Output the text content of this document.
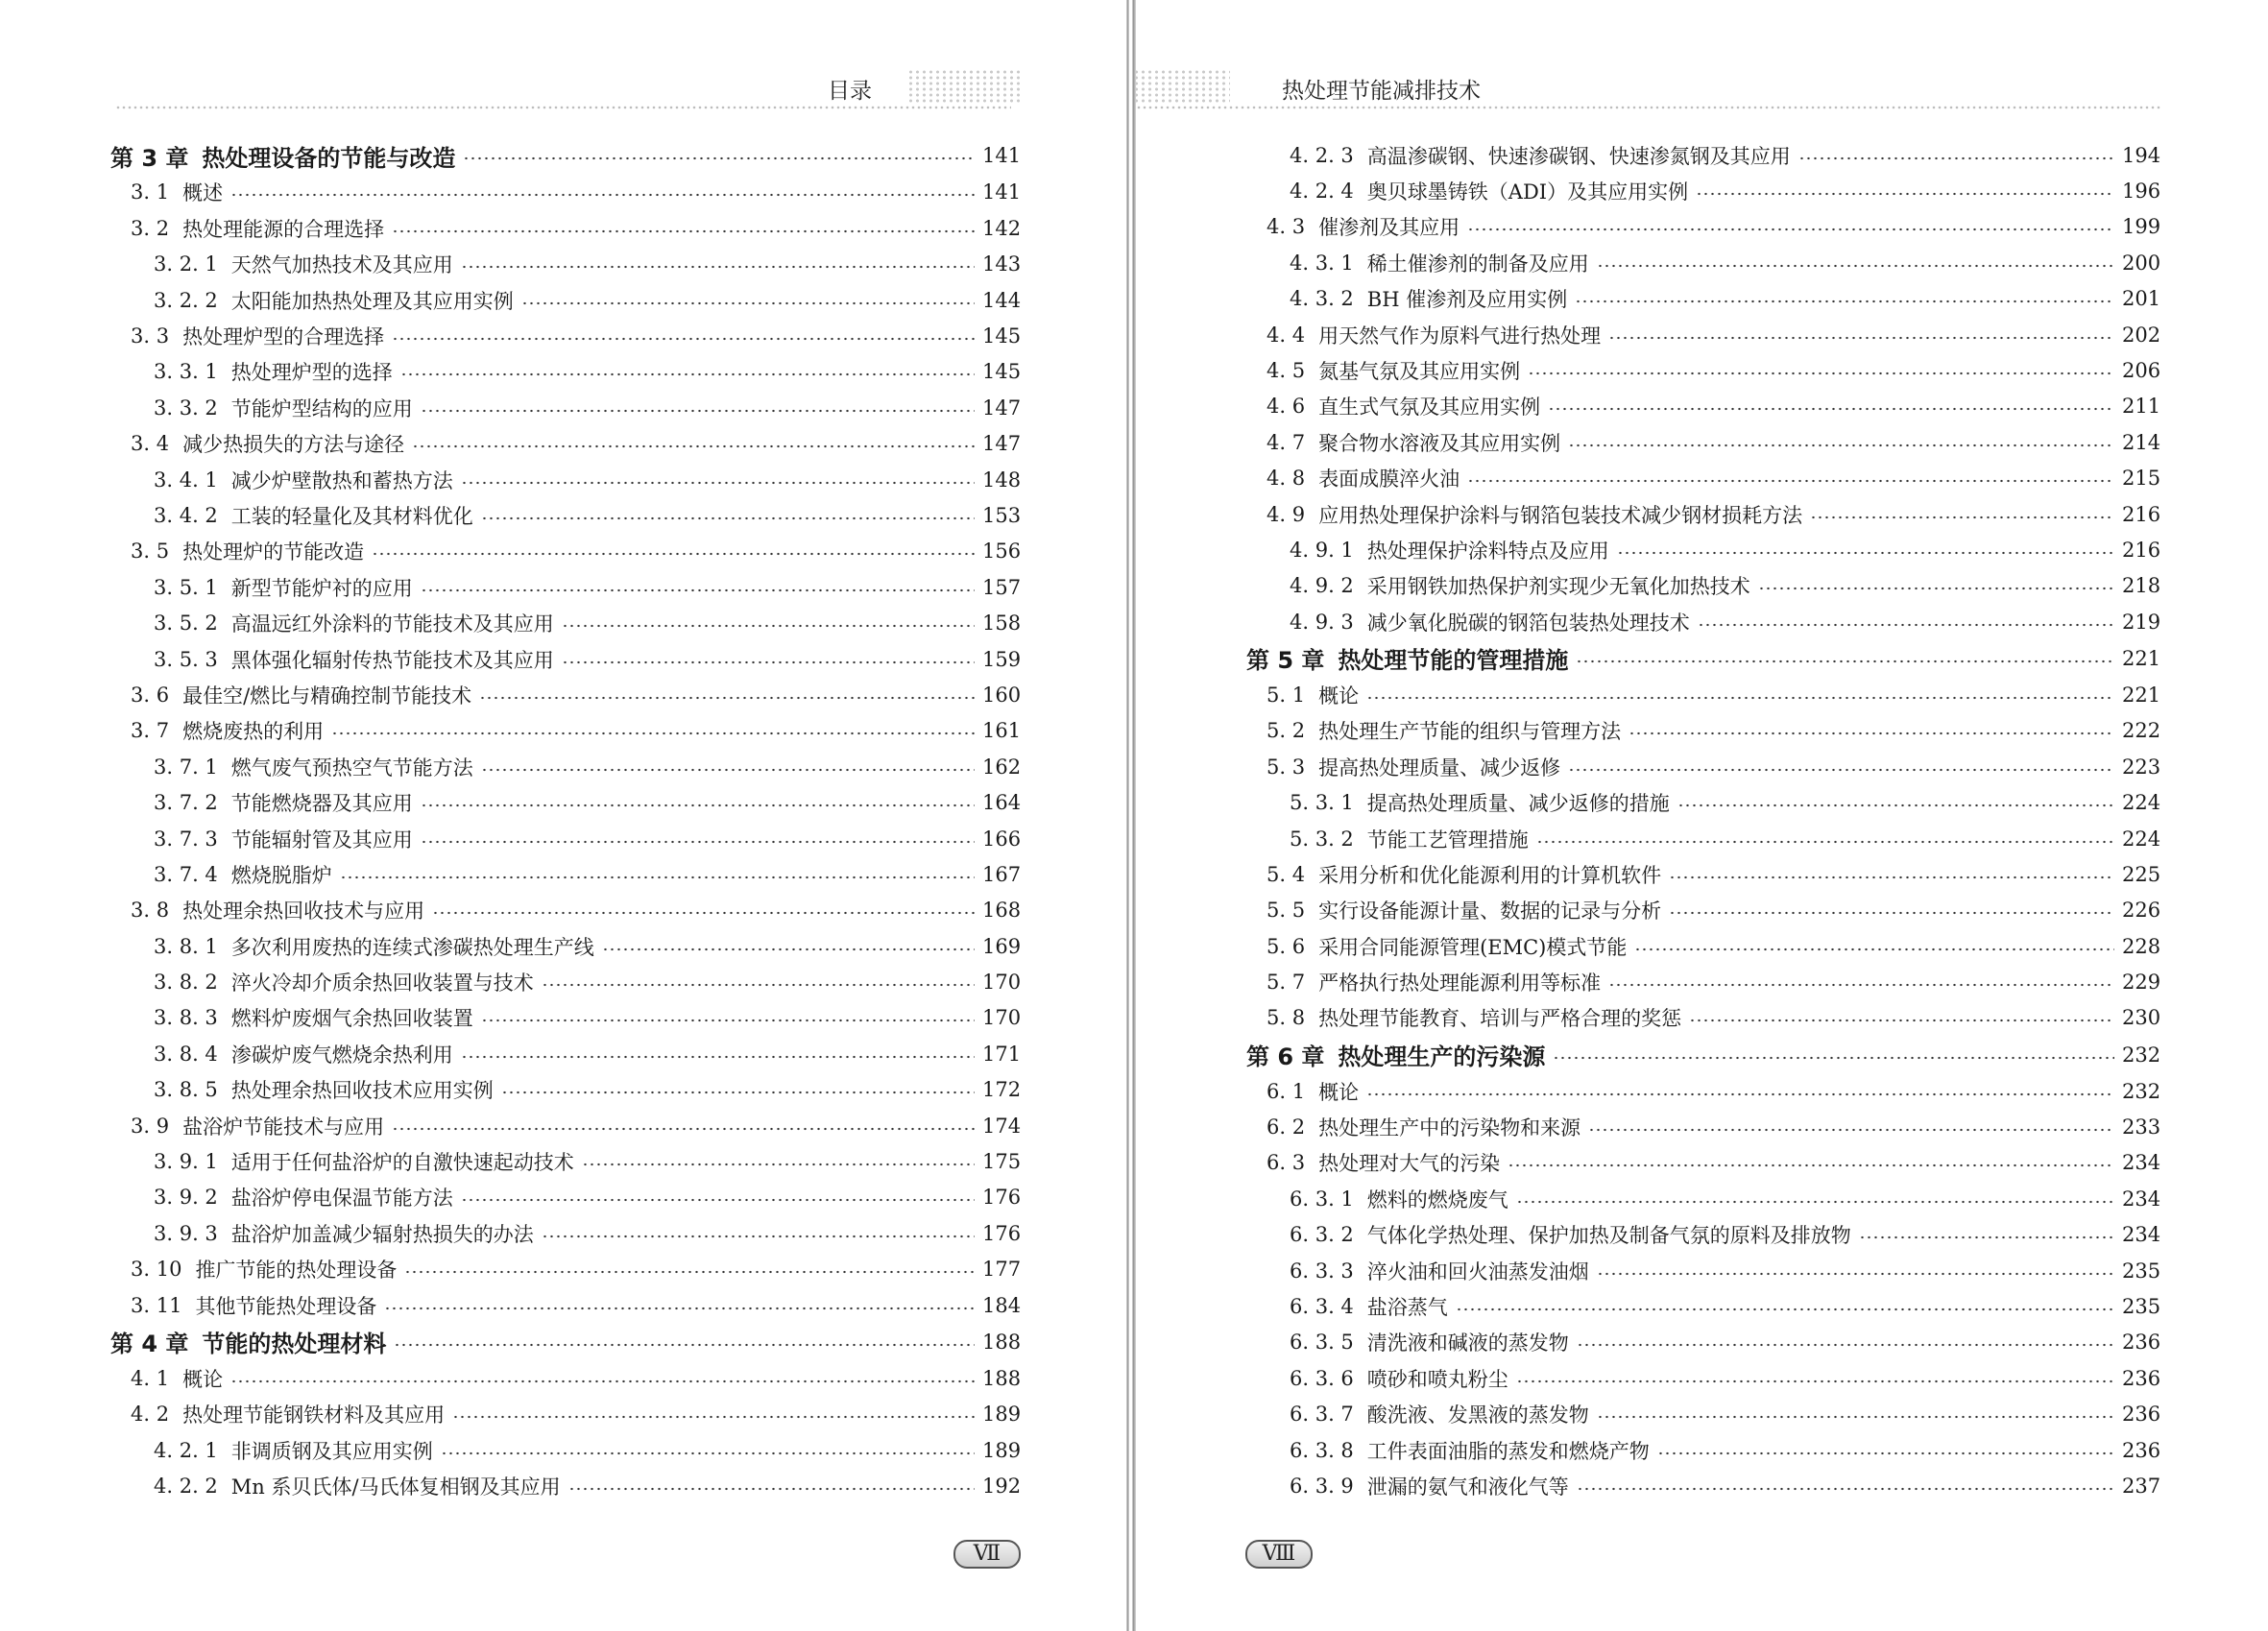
目录
第 3 章 热处理设备的节能与改造	141
3. 1 概述	141
3. 2 热处理能源的合理选择	142
3. 2. 1 天然气加热技术及其应用	143
3. 2. 2 太阳能加热热处理及其应用实例	144
3. 3 热处理炉型的合理选择	145
3. 3. 1 热处理炉型的选择	145
3. 3. 2 节能炉型结构的应用	147
3. 4 减少热损失的方法与途径	147
3. 4. 1 减少炉壁散热和蓄热方法	148
3. 4. 2 工装的轻量化及其材料优化	153
3. 5 热处理炉的节能改造	156
3. 5. 1 新型节能炉衬的应用	157
3. 5. 2 高温远红外涂料的节能技术及其应用	158
3. 5. 3 黑体强化辐射传热节能技术及其应用	159
3. 6 最佳空/燃比与精确控制节能技术	160
3. 7 燃烧废热的利用	161
3. 7. 1 燃气废气预热空气节能方法	162
3. 7. 2 节能燃烧器及其应用	164
3. 7. 3 节能辐射管及其应用	166
3. 7. 4 燃烧脱脂炉	167
3. 8 热处理余热回收技术与应用	168
3. 8. 1 多次利用废热的连续式渗碳热处理生产线	169
3. 8. 2 淬火冷却介质余热回收装置与技术	170
3. 8. 3 燃料炉废烟气余热回收装置	170
3. 8. 4 渗碳炉废气燃烧余热利用	171
3. 8. 5 热处理余热回收技术应用实例	172
3. 9 盐浴炉节能技术与应用	174
3. 9. 1 适用于任何盐浴炉的自激快速起动技术	175
3. 9. 2 盐浴炉停电保温节能方法	176
3. 9. 3 盐浴炉加盖减少辐射热损失的办法	176
3. 10 推广节能的热处理设备	177
3. 11 其他节能热处理设备	184
第 4 章 节能的热处理材料	188
4. 1 概论	188
4. 2 热处理节能钢铁材料及其应用	189
4. 2. 1 非调质钢及其应用实例	189
4. 2. 2 Mn 系贝氏体/马氏体复相钢及其应用	192
Ⅶ
热处理节能减排技术
4. 2. 3 高温渗碳钢、快速渗碳钢、快速渗氮钢及其应用	194
4. 2. 4 奥贝球墨铸铁（ADI）及其应用实例	196
4. 3 催渗剂及其应用	199
4. 3. 1 稀土催渗剂的制备及应用	200
4. 3. 2 BH 催渗剂及应用实例	201
4. 4 用天然气作为原料气进行热处理	202
4. 5 氮基气氛及其应用实例	206
4. 6 直生式气氛及其应用实例	211
4. 7 聚合物水溶液及其应用实例	214
4. 8 表面成膜淬火油	215
4. 9 应用热处理保护涂料与钢箔包装技术减少钢材损耗方法	216
4. 9. 1 热处理保护涂料特点及应用	216
4. 9. 2 采用钢铁加热保护剂实现少无氧化加热技术	218
4. 9. 3 减少氧化脱碳的钢箔包装热处理技术	219
第 5 章 热处理节能的管理措施	221
5. 1 概论	221
5. 2 热处理生产节能的组织与管理方法	222
5. 3 提高热处理质量、减少返修	223
5. 3. 1 提高热处理质量、减少返修的措施	224
5. 3. 2 节能工艺管理措施	224
5. 4 采用分析和优化能源利用的计算机软件	225
5. 5 实行设备能源计量、数据的记录与分析	226
5. 6 采用合同能源管理(EMC)模式节能	228
5. 7 严格执行热处理能源利用等标准	229
5. 8 热处理节能教育、培训与严格合理的奖惩	230
第 6 章 热处理生产的污染源	232
6. 1 概论	232
6. 2 热处理生产中的污染物和来源	233
6. 3 热处理对大气的污染	234
6. 3. 1 燃料的燃烧废气	234
6. 3. 2 气体化学热处理、保护加热及制备气氛的原料及排放物	234
6. 3. 3 淬火油和回火油蒸发油烟	235
6. 3. 4 盐浴蒸气	235
6. 3. 5 清洗液和碱液的蒸发物	236
6. 3. 6 喷砂和喷丸粉尘	236
6. 3. 7 酸洗液、发黑液的蒸发物	236
6. 3. 8 工件表面油脂的蒸发和燃烧产物	236
6. 3. 9 泄漏的氨气和液化气等	237
Ⅷ
